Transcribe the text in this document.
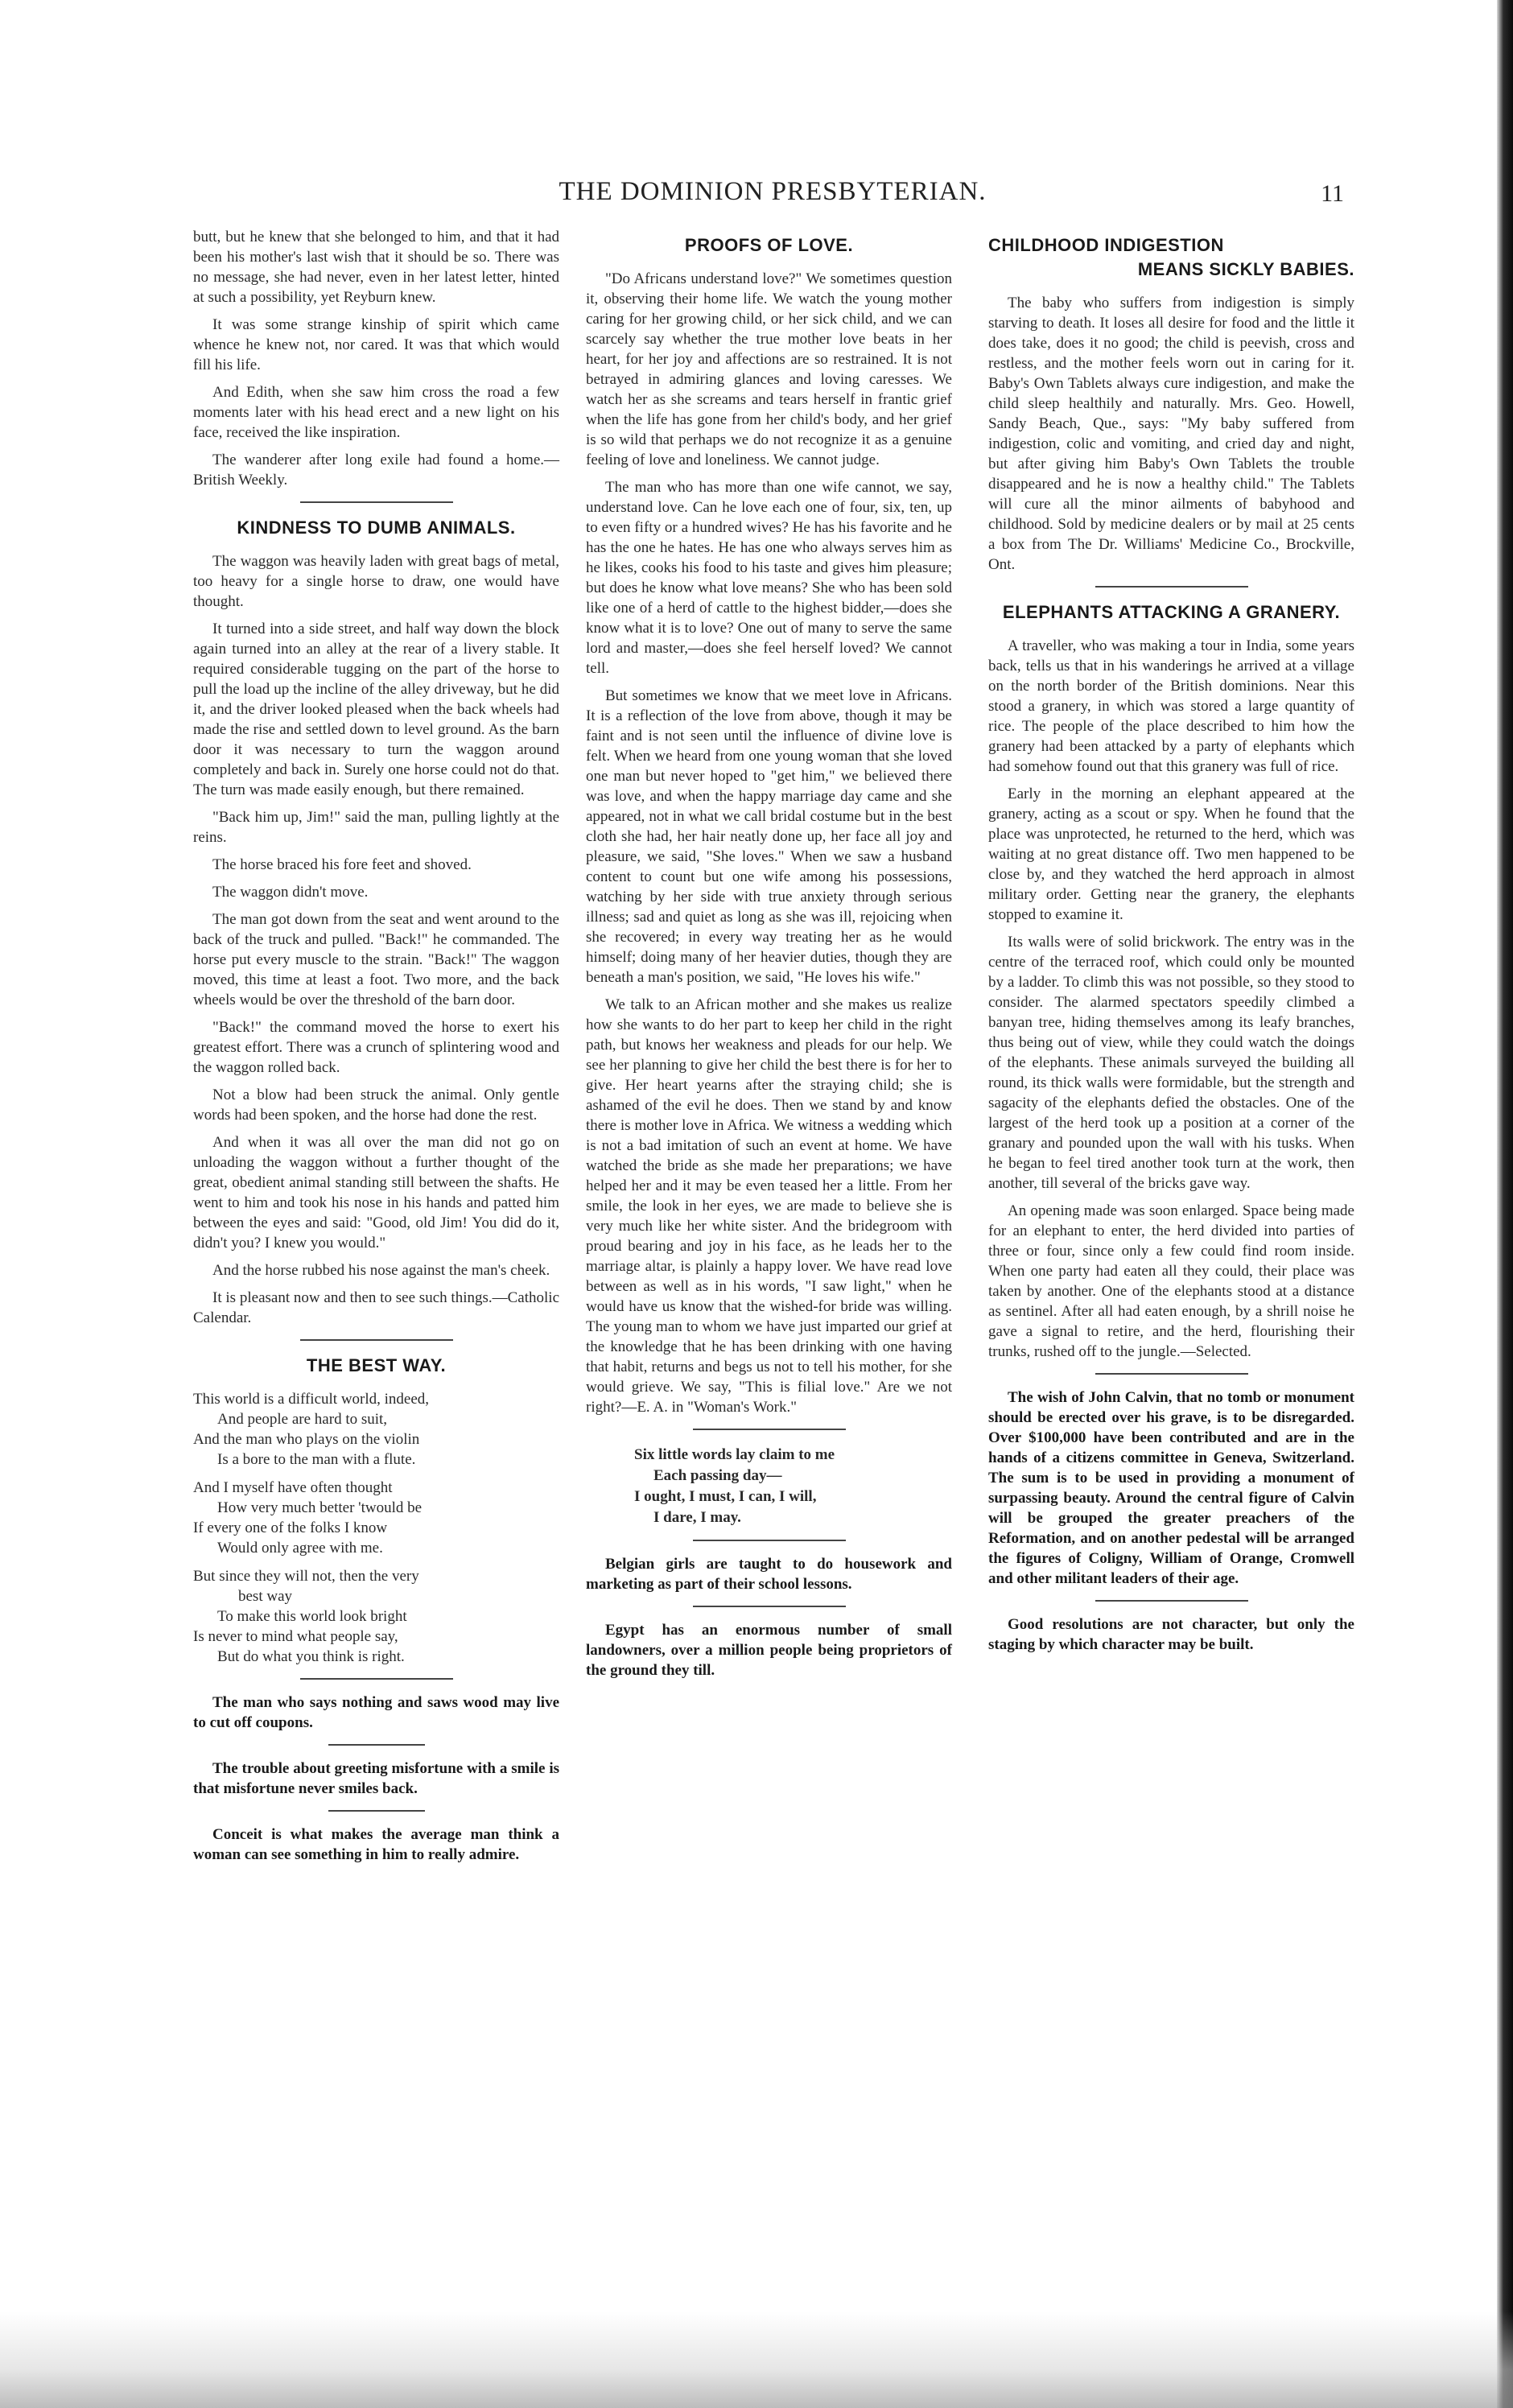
THE DOMINION PRESBYTERIAN.	11

butt, but he knew that she belonged to him, and that it had been his mother's last wish that it should be so. There was no message, she had never, even in her latest letter, hinted at such a possibility, yet Reyburn knew.

It was some strange kinship of spirit which came whence he knew not, nor cared. It was that which would fill his life.

And Edith, when she saw him cross the road a few moments later with his head erect and a new light on his face, received the like inspiration.

The wanderer after long exile had found a home.—British Weekly.

KINDNESS TO DUMB ANIMALS.

The waggon was heavily laden with great bags of metal, too heavy for a single horse to draw, one would have thought.

It turned into a side street, and half way down the block again turned into an alley at the rear of a livery stable. It required considerable tugging on the part of the horse to pull the load up the incline of the alley driveway, but he did it, and the driver looked pleased when the back wheels had made the rise and settled down to level ground. As the barn door it was necessary to turn the waggon around completely and back in. Surely one horse could not do that. The turn was made easily enough, but there remained.

"Back him up, Jim!" said the man, pulling lightly at the reins.

The horse braced his fore feet and shoved.

The waggon didn't move.

The man got down from the seat and went around to the back of the truck and pulled. "Back!" he commanded. The horse put every muscle to the strain. "Back!" The waggon moved, this time at least a foot. Two more, and the back wheels would be over the threshold of the barn door.

"Back!" the command moved the horse to exert his greatest effort. There was a crunch of splintering wood and the waggon rolled back.

Not a blow had been struck the animal. Only gentle words had been spoken, and the horse had done the rest.

And when it was all over the man did not go on unloading the waggon without a further thought of the great, obedient animal standing still between the shafts. He went to him and took his nose in his hands and patted him between the eyes and said: "Good, old Jim! You did do it, didn't you? I knew you would."

And the horse rubbed his nose against the man's cheek.

It is pleasant now and then to see such things.—Catholic Calendar.

THE BEST WAY.
This world is a difficult world, indeed,
And people are hard to suit,
And the man who plays on the violin
Is a bore to the man with a flute.
And I myself have often thought
How very much better 'twould be
If every one of the folks I know
Would only agree with me.
But since they will not, then the very
best way
To make this world look bright
Is never to mind what people say,
But do what you think is right.

The man who says nothing and saws wood may live to cut off coupons.

The trouble about greeting misfortune with a smile is that misfortune never smiles back.

Conceit is what makes the average man think a woman can see something in him to really admire.

PROOFS OF LOVE.

"Do Africans understand love?" We sometimes question it, observing their home life. We watch the young mother caring for her growing child, or her sick child, and we can scarcely say whether the true mother love beats in her heart, for her joy and affections are so restrained. It is not betrayed in admiring glances and loving caresses. We watch her as she screams and tears herself in frantic grief when the life has gone from her child's body, and her grief is so wild that perhaps we do not recognize it as a genuine feeling of love and loneliness. We cannot judge.

The man who has more than one wife cannot, we say, understand love. Can he love each one of four, six, ten, up to even fifty or a hundred wives? He has his favorite and he has the one he hates. He has one who always serves him as he likes, cooks his food to his taste and gives him pleasure; but does he know what love means? She who has been sold like one of a herd of cattle to the highest bidder,—does she know what it is to love? One out of many to serve the same lord and master,—does she feel herself loved? We cannot tell.

But sometimes we know that we meet love in Africans. It is a reflection of the love from above, though it may be faint and is not seen until the influence of divine love is felt. When we heard from one young woman that she loved one man but never hoped to "get him," we believed there was love, and when the happy marriage day came and she appeared, not in what we call bridal costume but in the best cloth she had, her hair neatly done up, her face all joy and pleasure, we said, "She loves." When we saw a husband content to count but one wife among his possessions, watching by her side with true anxiety through serious illness; sad and quiet as long as she was ill, rejoicing when she recovered; in every way treating her as he would himself; doing many of her heavier duties, though they are beneath a man's position, we said, "He loves his wife."

We talk to an African mother and she makes us realize how she wants to do her part to keep her child in the right path, but knows her weakness and pleads for our help. We see her planning to give her child the best there is for her to give. Her heart yearns after the straying child; she is ashamed of the evil he does. Then we stand by and know there is mother love in Africa. We witness a wedding which is not a bad imitation of such an event at home. We have watched the bride as she made her preparations; we have helped her and it may be even teased her a little. From her smile, the look in her eyes, we are made to believe she is very much like her white sister. And the bridegroom with proud bearing and joy in his face, as he leads her to the marriage altar, is plainly a happy lover. We have read love between as well as in his words, "I saw light," when he would have us know that the wished-for bride was willing. The young man to whom we have just imparted our grief at the knowledge that he has been drinking with one having that habit, returns and begs us not to tell his mother, for she would grieve. We say, "This is filial love." Are we not right?—E. A. in "Woman's Work."

Six little words lay claim to me
Each passing day—
I ought, I must, I can, I will,
I dare, I may.

Belgian girls are taught to do housework and marketing as part of their school lessons.

Egypt has an enormous number of small landowners, over a million people being proprietors of the ground they till.

CHILDHOOD INDIGESTION
MEANS SICKLY BABIES.

The baby who suffers from indigestion is simply starving to death. It loses all desire for food and the little it does take, does it no good; the child is peevish, cross and restless, and the mother feels worn out in caring for it. Baby's Own Tablets always cure indigestion, and make the child sleep healthily and naturally. Mrs. Geo. Howell, Sandy Beach, Que., says: "My baby suffered from indigestion, colic and vomiting, and cried day and night, but after giving him Baby's Own Tablets the trouble disappeared and he is now a healthy child." The Tablets will cure all the minor ailments of babyhood and childhood. Sold by medicine dealers or by mail at 25 cents a box from The Dr. Williams' Medicine Co., Brockville, Ont.

ELEPHANTS ATTACKING A GRANERY.

A traveller, who was making a tour in India, some years back, tells us that in his wanderings he arrived at a village on the north border of the British dominions. Near this stood a granery, in which was stored a large quantity of rice. The people of the place described to him how the granery had been attacked by a party of elephants which had somehow found out that this granery was full of rice.

Early in the morning an elephant appeared at the granery, acting as a scout or spy. When he found that the place was unprotected, he returned to the herd, which was waiting at no great distance off. Two men happened to be close by, and they watched the herd approach in almost military order. Getting near the granery, the elephants stopped to examine it.

Its walls were of solid brickwork. The entry was in the centre of the terraced roof, which could only be mounted by a ladder. To climb this was not possible, so they stood to consider. The alarmed spectators speedily climbed a banyan tree, hiding themselves among its leafy branches, thus being out of view, while they could watch the doings of the elephants. These animals surveyed the building all round, its thick walls were formidable, but the strength and sagacity of the elephants defied the obstacles. One of the largest of the herd took up a position at a corner of the granary and pounded upon the wall with his tusks. When he began to feel tired another took turn at the work, then another, till several of the bricks gave way.

An opening made was soon enlarged. Space being made for an elephant to enter, the herd divided into parties of three or four, since only a few could find room inside. When one party had eaten all they could, their place was taken by another. One of the elephants stood at a distance as sentinel. After all had eaten enough, by a shrill noise he gave a signal to retire, and the herd, flourishing their trunks, rushed off to the jungle.—Selected.

The wish of John Calvin, that no tomb or monument should be erected over his grave, is to be disregarded. Over $100,000 have been contributed and are in the hands of a citizens committee in Geneva, Switzerland. The sum is to be used in providing a monument of surpassing beauty. Around the central figure of Calvin will be grouped the greater preachers of the Reformation, and on another pedestal will be arranged the figures of Coligny, William of Orange, Cromwell and other militant leaders of their age.

Good resolutions are not character, but only the staging by which character may be built.
